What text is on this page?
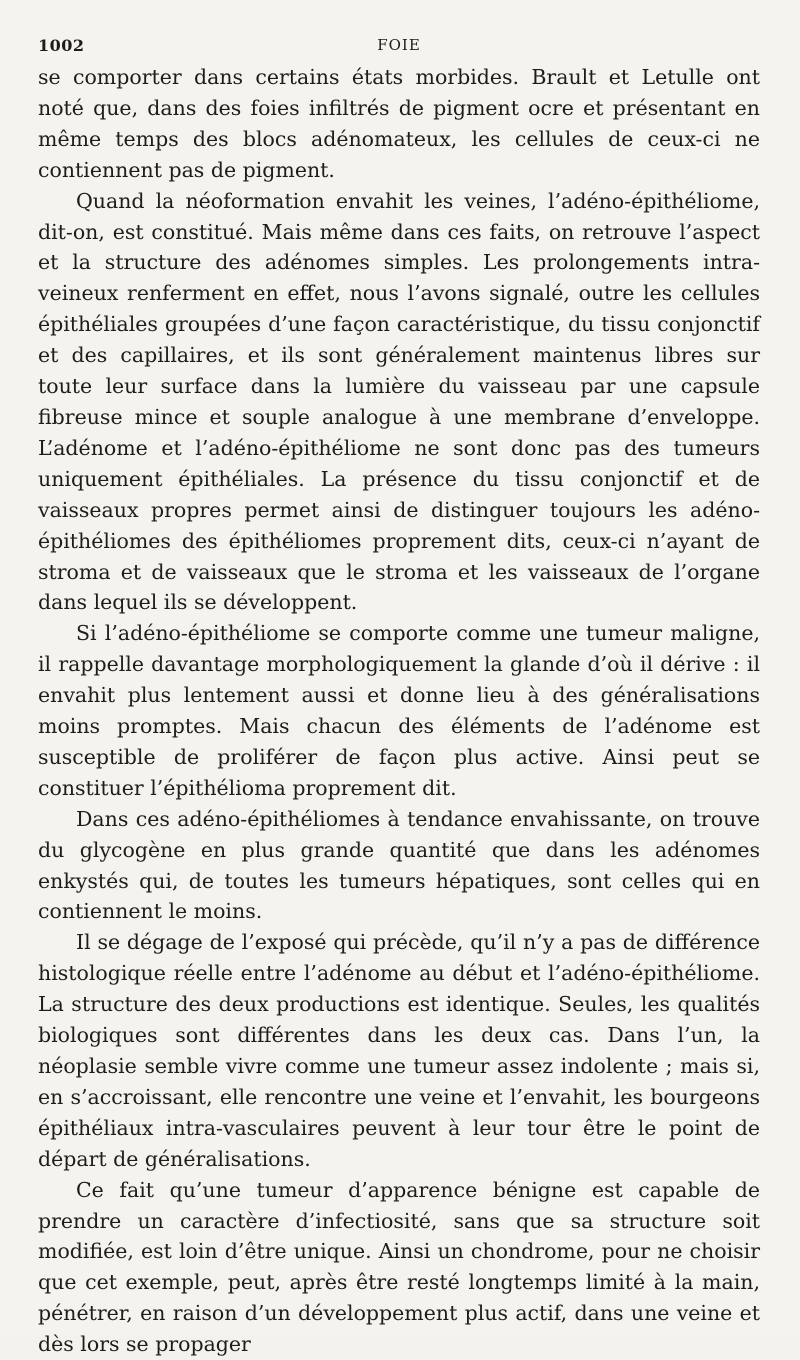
1002	FOIE

se comporter dans certains états morbides. Brault et Letulle ont noté que, dans des foies infiltrés de pigment ocre et présentant en même temps des blocs adénomateux, les cellules de ceux-ci ne contiennent pas de pigment.

Quand la néoformation envahit les veines, l’adéno-épithéliome, dit-on, est constitué. Mais même dans ces faits, on retrouve l’aspect et la structure des adénomes simples. Les prolongements intra-veineux renferment en effet, nous l’avons signalé, outre les cellules épithéliales groupées d’une façon caractéristique, du tissu conjonctif et des capillaires, et ils sont généralement maintenus libres sur toute leur surface dans la lumière du vaisseau par une capsule fibreuse mince et souple analogue à une membrane d’enveloppe. L’adénome et l’adéno-épithéliome ne sont donc pas des tumeurs uniquement épithéliales. La présence du tissu conjonctif et de vaisseaux propres permet ainsi de distinguer toujours les adéno-épithéliomes des épithéliomes proprement dits, ceux-ci n’ayant de stroma et de vaisseaux que le stroma et les vaisseaux de l’organe dans lequel ils se développent.

Si l’adéno-épithéliome se comporte comme une tumeur maligne, il rappelle davantage morphologiquement la glande d’où il dérive : il envahit plus lentement aussi et donne lieu à des généralisations moins promptes. Mais chacun des éléments de l’adénome est susceptible de proliférer de façon plus active. Ainsi peut se constituer l’épithélioma proprement dit.

Dans ces adéno-épithéliomes à tendance envahissante, on trouve du glycogène en plus grande quantité que dans les adénomes enkystés qui, de toutes les tumeurs hépatiques, sont celles qui en contiennent le moins.

Il se dégage de l’exposé qui précède, qu’il n’y a pas de différence histologique réelle entre l’adénome au début et l’adéno-épithéliome. La structure des deux productions est identique. Seules, les qualités biologiques sont différentes dans les deux cas. Dans l’un, la néoplasie semble vivre comme une tumeur assez indolente ; mais si, en s’accroissant, elle rencontre une veine et l’envahit, les bourgeons épithéliaux intra-vasculaires peuvent à leur tour être le point de départ de généralisations.

Ce fait qu’une tumeur d’apparence bénigne est capable de prendre un caractère d’infectiosité, sans que sa structure soit modifiée, est loin d’être unique. Ainsi un chondrome, pour ne choisir que cet exemple, peut, après être resté longtemps limité à la main, pénétrer, en raison d’un développement plus actif, dans une veine et dès lors se propager
